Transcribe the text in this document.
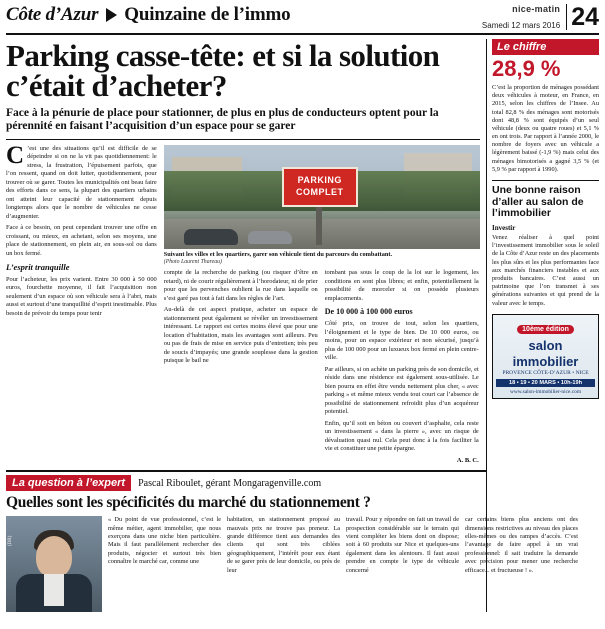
Côte d’Azur Quinzaine de l’immo	nice-matin
Samedi 12 mars 2016 24
Parking casse-tête: et si la solution c’était d’acheter?
Face à la pénurie de place pour stationner, de plus en plus de conducteurs optent pour la pérennité en faisant l’acquisition d’un espace pour se garer

C ’est une des situations qu’il est difficile de se dépeindre si on ne la vit pas quotidiennement: le stress, la frustration, l’épuisement parfois, que l’on ressent, quand on doit lutter, quotidiennement, pour trouver où se garer. Toutes les municipalités ont beau faire des efforts dans ce sens, la plupart des quartiers urbains ont atteint leur capacité de stationnement depuis longtemps alors que le nombre de véhicules ne cesse d’augmenter.

Face à ce besoin, on peut cependant trouver une offre en croissant, ou mieux, en achetant, selon ses moyens, une place de stationnement, en plein air, en sous-sol ou dans un box fermé.

L’esprit tranquille

Pour l’acheteur, les prix varient. Entre 30 000 à 50 000 euros, fourchette moyenne, il fait l’acquisition non seulement d’un espace où son véhicule sera à l’abri, mais aussi et surtout d’une tranquillité d’esprit inestimable. Plus besoin de prévoir du temps pour tenir

PARKING
COMPLET
Suivant les villes et les quartiers, garer son véhicule tient du parcours du combattant.
(Photo Laurent Thareau)

compte de la recherche de parking (ou risquer d’être en retard), ni de courir régulièrement à l’horodateur, ni de prier pour que les pervenches oublient la rue dans laquelle on s’est garé pas tout à fait dans les règles de l’art.

Au-delà de cet aspect pratique, acheter un espace de stationnement peut également se révéler un investissement intéressant. Le rapport est certes moins élevé que pour une location d’habitation, mais les avantages sont ailleurs. Peu ou pas de frais de mise en service puis d’entretien; très peu de soucis d’impayés; une grande souplesse dans la gestion puisque le bail ne

tombant pas sous le coup de la loi sur le logement, les conditions en sont plus libres; et enfin, potentiellement la possibilité de morceler si on possède plusieurs emplacements.

De 10 000 à 100 000 euros

Côté prix, on trouve de tout, selon les quartiers, l’éloignement et le type de bien. De 10 000 euros, ou moins, pour un espace extérieur et non sécurisé, jusqu’à plus de 100 000 pour un luxueux box fermé en plein centre-ville.

Par ailleurs, si on achète un parking près de son domicile, et réside dans une résidence est également sous-utilisée. Le bien pourra en effet être vendu nettement plus cher, « avec parking » et même mieux vendu tout court car l’absence de possibilité de stationnement refroidit plus d’un acquéreur potentiel.

Enfin, qu’il soit en béton ou couvert d’asphalte, cela reste un investissement « dans la pierre », avec un risque de dévaluation quasi nul. Cela peut donc à la fois faciliter la vie et constituer une petite épargne.

A. B. C.
La question à l’expert	Pascal Riboulet, gérant Mongaragenville.com
Quelles sont les spécificités du marché du stationnement ?
(DR)

« Du point de vue professionnel, c’est le même métier, agent immobilier, que nous exerçons dans une niche bien particulière. Mais il faut parallèlement rechercher des produits, négocier et surtout très bien connaître le marché car, comme une

habitation, un stationnement proposé au mauvais prix ne trouve pas preneur. La grande différence tient aux demandes des clients qui sont très ciblées géographiquement, l’intérêt pour eux étant de se garer près de leur domicile, ou près de leur

travail. Pour y répondre on fait un travail de prospection considérable sur le terrain qui vient compléter les biens dont on dispose; soit à 60 produits sur Nice et quelques-uns également dans les alentours. Il faut aussi prendre en compte le type de véhicule concerné

car certains biens plus anciens ont des dimensions restrictives au niveau des places elles-mêmes ou des rampes d’accès. C’est l’avantage de faire appel à un vrai professionnel: il sait traduire la demande avec précision pour mener une recherche efficace... et fructueuse ! ».

Le chiffre
28,9 %
C’est la proportion de ménages possédant deux véhicules à moteur, en France, en 2015, selon les chiffres de l’Insee. Au total 82,8 % des ménages sont motorisés dont 48,8 % sont équipés d’un seul véhicule (deux ou quatre roues) et 5,1 % en ont trois. Par rapport à l’année 2000, le nombre de foyers avec un véhicule a légèrement baissé (-1,9 %) mais celui des ménages bimotorisés a gagné 3,5 % (et 5,9 % par rapport à 1990).
Une bonne raison d’aller au salon de l’immobilier
Investir
Venez réaliser à quel point l’investissement immobilier sous le soleil de la Côte d’Azur reste un des placements les plus sûrs et les plus performantes face aux marchés financiers instables et aux produits bancaires. C’est aussi un patrimoine que l’on transmet à ses générations suivantes et qui prend de la valeur avec le temps.
10ème édition
salon
immobilier
PROVENCE CÔTE-D’AZUR • NICE
18 • 19 • 20 MARS • 10h-19h
www.salon-immobilier-nice.com
